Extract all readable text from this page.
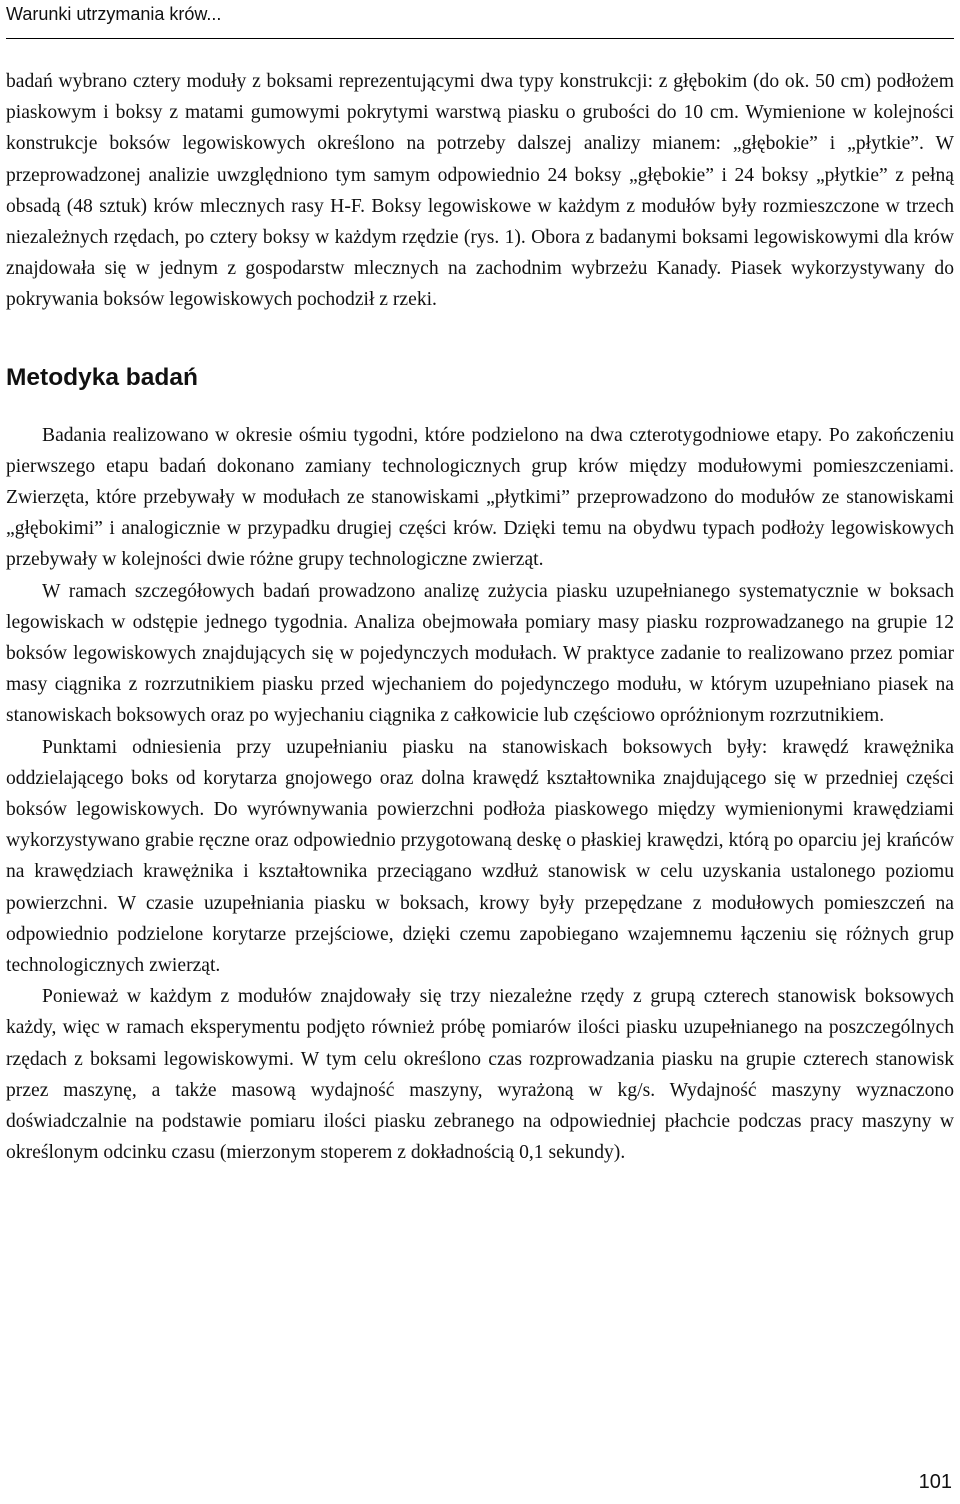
Warunki utrzymania krów...

badań wybrano cztery moduły z boksami reprezentującymi dwa typy konstrukcji: z głębokim (do ok. 50 cm) podłożem piaskowym i boksy z matami gumowymi pokrytymi warstwą piasku o grubości do 10 cm. Wymienione w kolejności konstrukcje boksów legowiskowych określono na potrzeby dalszej analizy mianem: „głębokie” i „płytkie”. W przeprowadzonej analizie uwzględniono tym samym odpowiednio 24 boksy „głębokie” i 24 boksy „płytkie” z pełną obsadą (48 sztuk) krów mlecznych rasy H-F. Boksy legowiskowe w każdym z modułów były rozmieszczone w trzech niezależnych rzędach, po cztery boksy w każdym rzędzie (rys. 1). Obora z badanymi boksami legowiskowymi dla krów znajdowała się w jednym z gospodarstw mlecznych na zachodnim wybrzeżu Kanady. Piasek wykorzystywany do pokrywania boksów legowiskowych pochodził z rzeki.

Metodyka badań

Badania realizowano w okresie ośmiu tygodni, które podzielono na dwa czterotygodniowe etapy. Po zakończeniu pierwszego etapu badań dokonano zamiany technologicznych grup krów między modułowymi pomieszczeniami. Zwierzęta, które przebywały w modułach ze stanowiskami „płytkimi” przeprowadzono do modułów ze stanowiskami „głębokimi” i analogicznie w przypadku drugiej części krów. Dzięki temu na obydwu typach podłoży legowiskowych przebywały w kolejności dwie różne grupy technologiczne zwierząt.

W ramach szczegółowych badań prowadzono analizę zużycia piasku uzupełnianego systematycznie w boksach legowiskach w odstępie jednego tygodnia. Analiza obejmowała pomiary masy piasku rozprowadzanego na grupie 12 boksów legowiskowych znajdujących się w pojedynczych modułach. W praktyce zadanie to realizowano przez pomiar masy ciągnika z rozrzutnikiem piasku przed wjechaniem do pojedynczego modułu, w którym uzupełniano piasek na stanowiskach boksowych oraz po wyjechaniu ciągnika z całkowicie lub częściowo opróżnionym rozrzutnikiem.

Punktami odniesienia przy uzupełnianiu piasku na stanowiskach boksowych były: krawędź krawężnika oddzielającego boks od korytarza gnojowego oraz dolna krawędź kształtownika znajdującego się w przedniej części boksów legowiskowych. Do wyrównywania powierzchni podłoża piaskowego między wymienionymi krawędziami wykorzystywano grabie ręczne oraz odpowiednio przygotowaną deskę o płaskiej krawędzi, którą po oparciu jej krańców na krawędziach krawężnika i kształtownika przeciągano wzdłuż stanowisk w celu uzyskania ustalonego poziomu powierzchni. W czasie uzupełniania piasku w boksach, krowy były przepędzane z modułowych pomieszczeń na odpowiednio podzielone korytarze przejściowe, dzięki czemu zapobiegano wzajemnemu łączeniu się różnych grup technologicznych zwierząt.

Ponieważ w każdym z modułów znajdowały się trzy niezależne rzędy z grupą czterech stanowisk boksowych każdy, więc w ramach eksperymentu podjęto również próbę pomiarów ilości piasku uzupełnianego na poszczególnych rzędach z boksami legowiskowymi. W tym celu określono czas rozprowadzania piasku na grupie czterech stanowisk przez maszynę, a także masową wydajność maszyny, wyrażoną w kg/s. Wydajność maszyny wyznaczono doświadczalnie na podstawie pomiaru ilości piasku zebranego na odpowiedniej płachcie podczas pracy maszyny w określonym odcinku czasu (mierzonym stoperem z dokładnością 0,1 sekundy).

101
